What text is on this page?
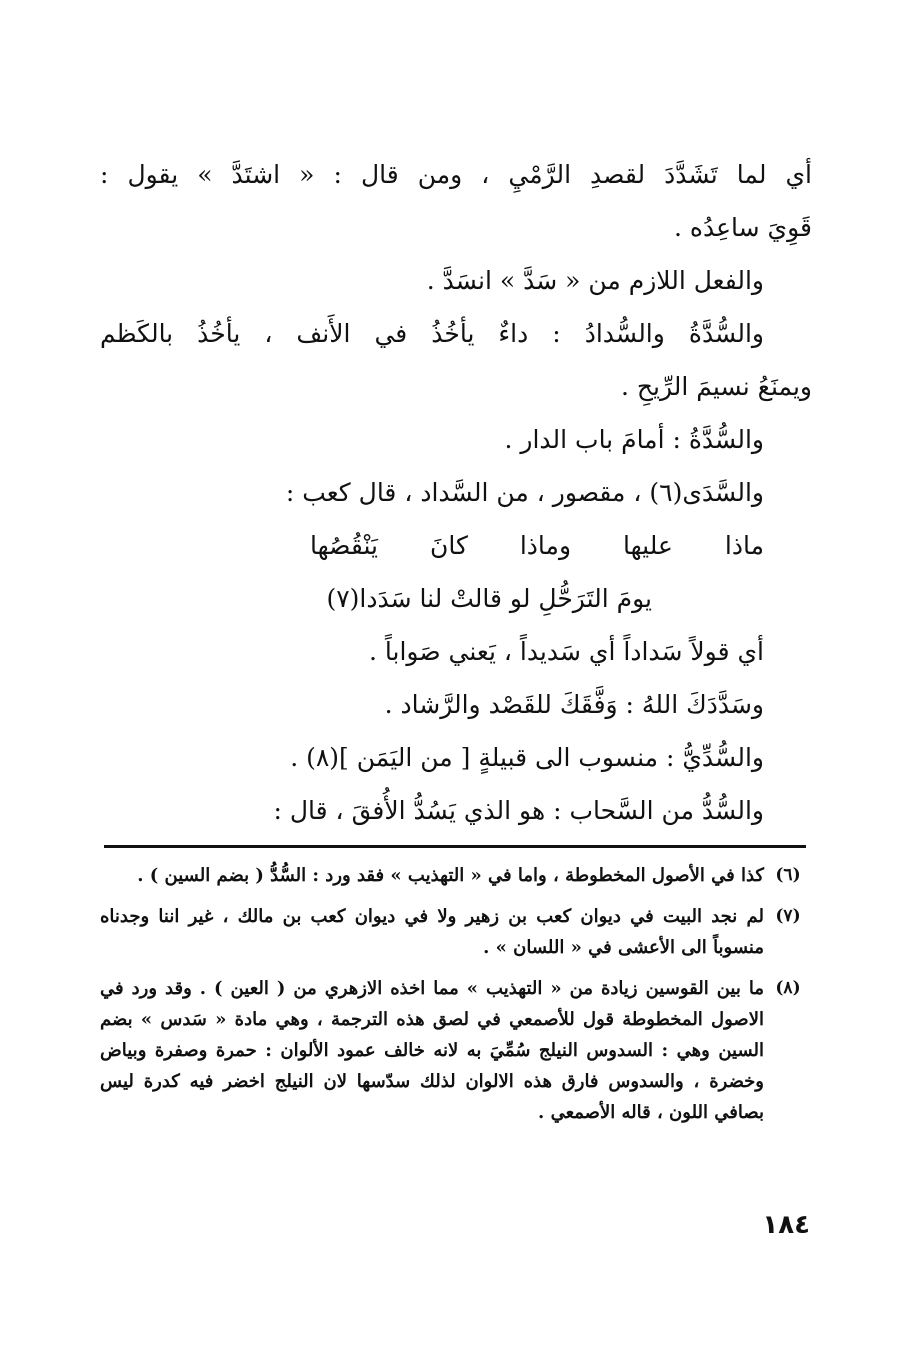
أي لما تَشَدَّدَ لقصدِ الرَّمْيِ ، ومن قال : « اشتَدَّ » يقول :
قَوِيَ ساعِدُه .
والفعل اللازم من « سَدَّ » انسَدَّ .
والسُّدَّةُ والسُّدادُ : داءٌ يأخُذُ في الأَنف ، يأخُذُ بالكَظم
ويمنَعُ نسيمَ الرِّيحِ .
والسُّدَّةُ : أمامَ باب الدار .
والسَّدَى(٦) ، مقصور ، من السَّداد ، قال كعب :
ماذا عليها وماذا كانَ يَنْقُصُها
يومَ التَرَحُّلِ لو قالتْ لنا سَدَدا(٧)
أي قولاً سَداداً أي سَديداً ، يَعني صَواباً .
وسَدَّدَكَ اللهُ : وَفَّقَكَ للقَصْد والرَّشاد .
والسُّدِّيُّ : منسوب الى قبيلةٍ [ من اليَمَن ](٨) .
والسُّدُّ من السَّحاب : هو الذي يَسُدُّ الأُفقَ ، قال :
(٦)
كذا في الأصول المخطوطة ، واما في « التهذيب » فقد ورد : السُّدُّ ( بضم السين ) .
(٧)
لم نجد البيت في ديوان كعب بن زهير ولا في ديوان كعب بن مالك ، غير اننا وجدناه منسوباً الى الأعشى في « اللسان » .
(٨)
ما بين القوسين زيادة من « التهذيب » مما اخذه الازهري من ( العين ) . وقد ورد في الاصول المخطوطة قول للأصمعي في لصق هذه الترجمة ، وهي مادة « سَدس » بضم السين وهي : السدوس النيلج سُمِّيَ به لانه خالف عمود الألوان : حمرة وصفرة وبياض وخضرة ، والسدوس فارق هذه الالوان لذلك سدّسها لان النيلج اخضر فيه كدرة ليس بصافي اللون ، قاله الأصمعي .
١٨٤
